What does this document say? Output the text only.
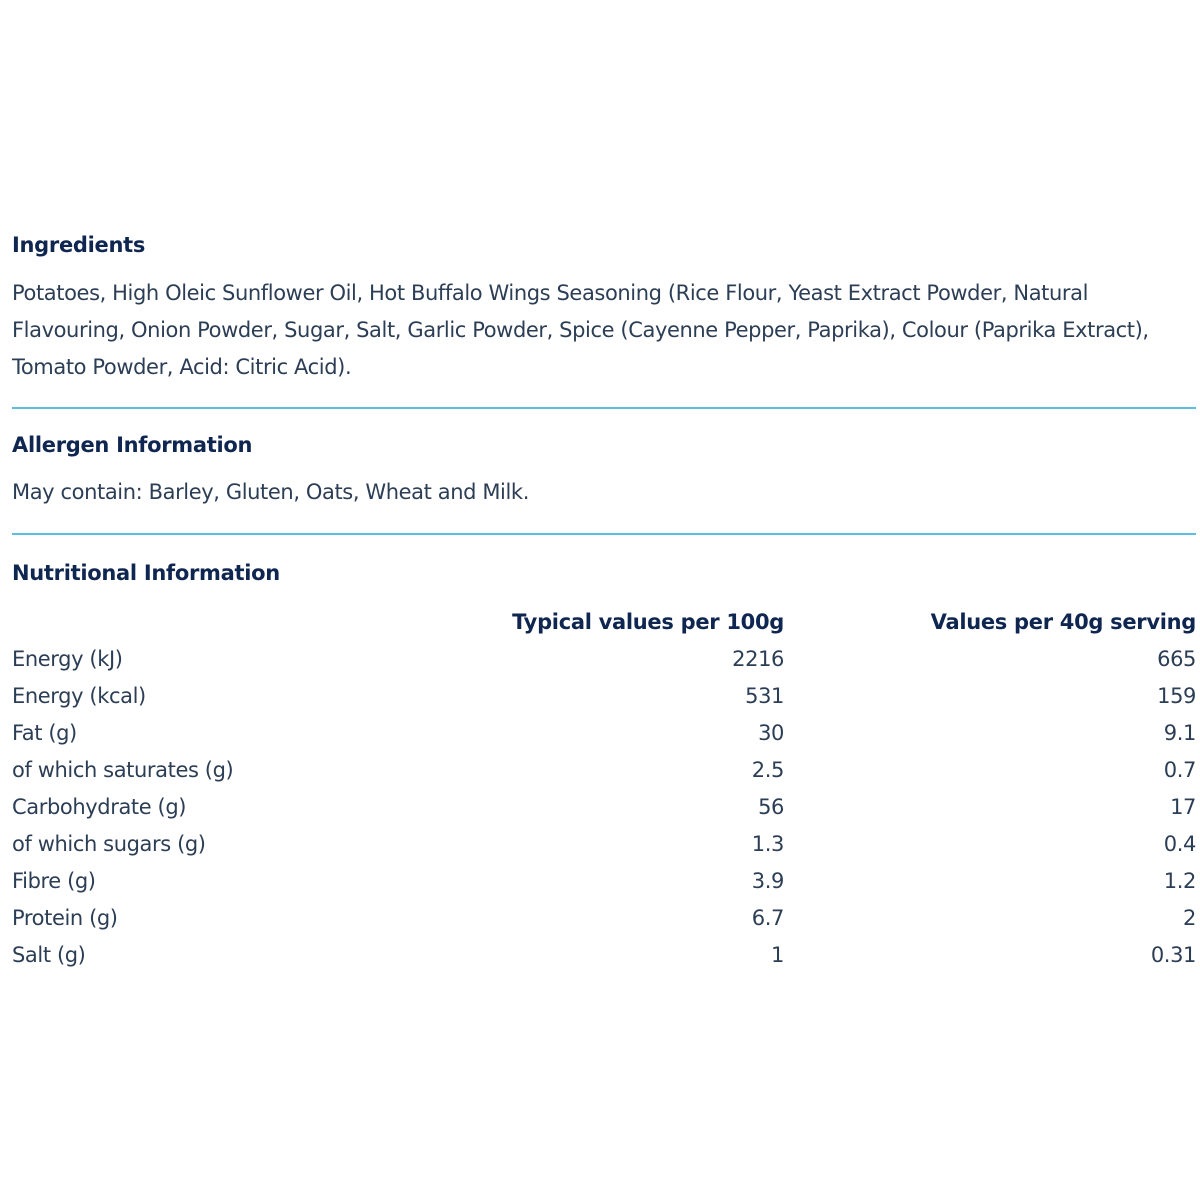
Ingredients

Potatoes, High Oleic Sunflower Oil, Hot Buffalo Wings Seasoning (Rice Flour, Yeast Extract Powder, Natural Flavouring, Onion Powder, Sugar, Salt, Garlic Powder, Spice (Cayenne Pepper, Paprika), Colour (Paprika Extract), Tomato Powder, Acid: Citric Acid).

Allergen Information

May contain: Barley, Gluten, Oats, Wheat and Milk.

Nutritional Information
	Typical values per 100g	Values per 40g serving
Energy (kJ)	2216	665
Energy (kcal)	531	159
Fat (g)	30	9.1
of which saturates (g)	2.5	0.7
Carbohydrate (g)	56	17
of which sugars (g)	1.3	0.4
Fibre (g)	3.9	1.2
Protein (g)	6.7	2
Salt (g)	1	0.31
